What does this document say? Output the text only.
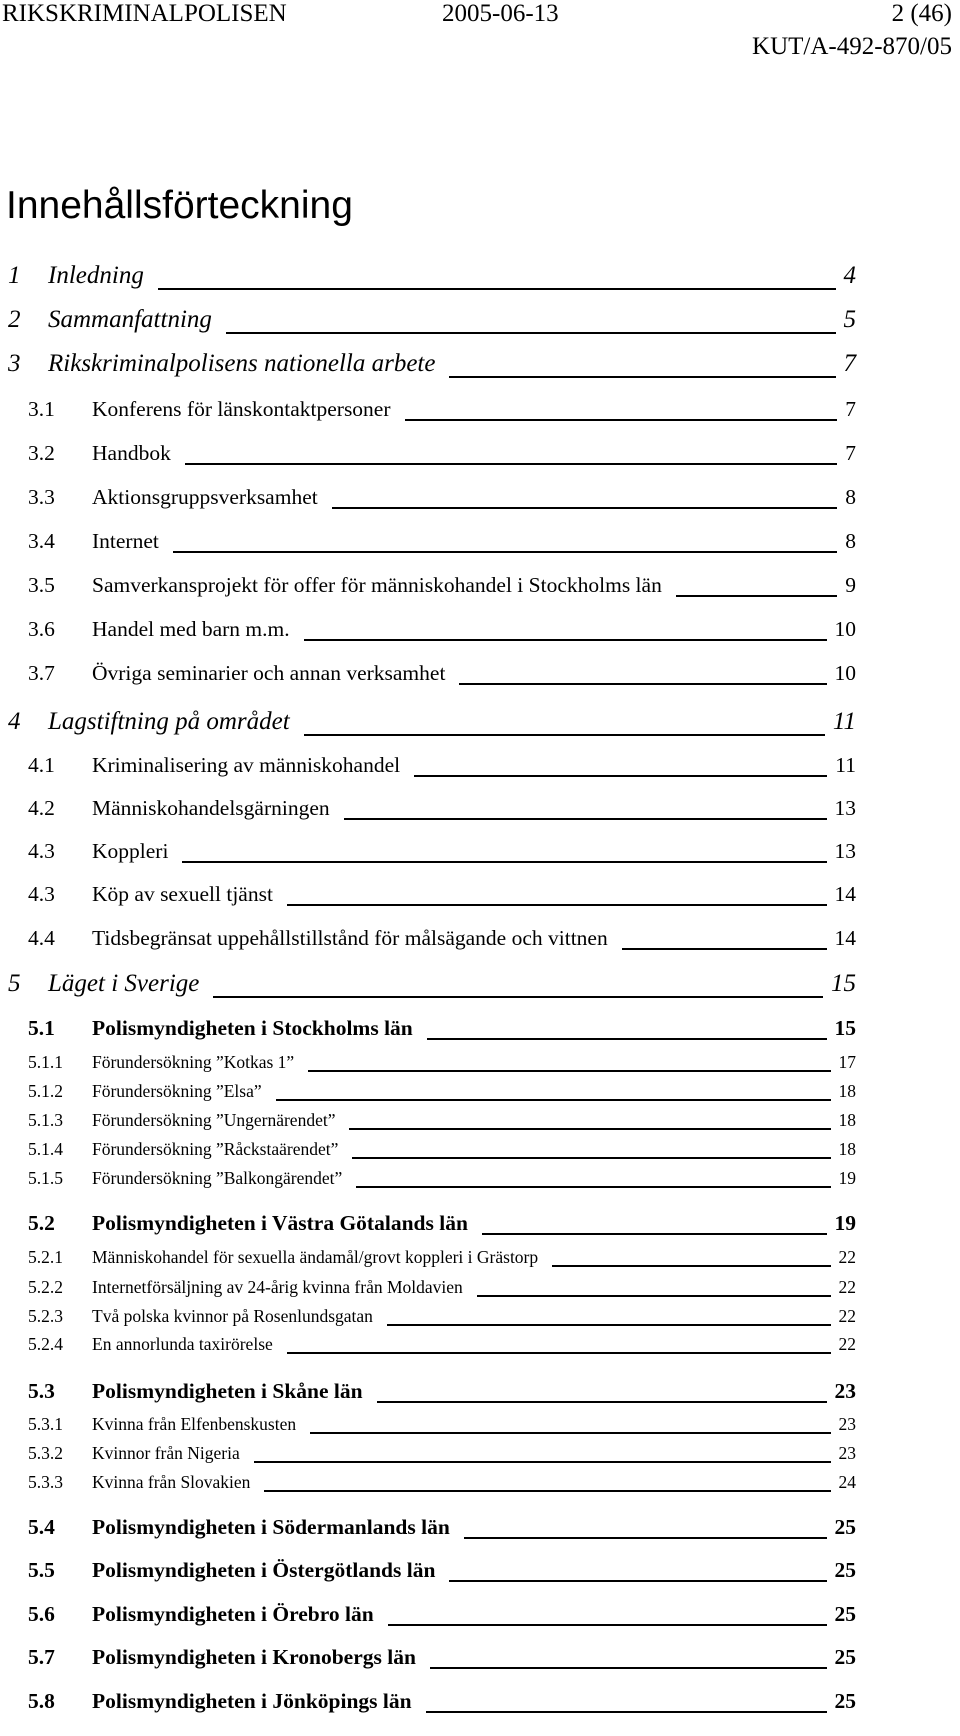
RIKSKRIMINALPOLISEN	2005-06-13	2 (46)
KUT/A-492-870/05
Innehållsförteckning
1 Inledning	4
2 Sammanfattning	5
3 Rikskriminalpolisens nationella arbete	7
3.1 Konferens för länskontaktpersoner	7
3.2 Handbok	7
3.3 Aktionsgruppsverksamhet	8
3.4 Internet	8
3.5 Samverkansprojekt för offer för människohandel i Stockholms län	9
3.6 Handel med barn m.m.	10
3.7 Övriga seminarier och annan verksamhet	10
4 Lagstiftning på området	11
4.1 Kriminalisering av människohandel	11
4.2 Människohandelsgärningen	13
4.3 Koppleri	13
4.3 Köp av sexuell tjänst	14
4.4 Tidsbegränsat uppehållstillstånd för målsägande och vittnen	14
5 Läget i Sverige	15
5.1 Polismyndigheten i Stockholms län	15
5.1.1 Förundersökning ”Kotkas 1”	17
5.1.2 Förundersökning ”Elsa”	18
5.1.3 Förundersökning ”Ungernärendet”	18
5.1.4 Förundersökning ”Råckstaärendet”	18
5.1.5 Förundersökning ”Balkongärendet”	19
5.2 Polismyndigheten i Västra Götalands län	19
5.2.1 Människohandel för sexuella ändamål/grovt koppleri i Grästorp	22
5.2.2 Internetförsäljning av 24-årig kvinna från Moldavien	22
5.2.3 Två polska kvinnor på Rosenlundsgatan	22
5.2.4 En annorlunda taxirörelse	22
5.3 Polismyndigheten i Skåne län	23
5.3.1 Kvinna från Elfenbenskusten	23
5.3.2 Kvinnor från Nigeria	23
5.3.3 Kvinna från Slovakien	24
5.4 Polismyndigheten i Södermanlands län	25
5.5 Polismyndigheten i Östergötlands län	25
5.6 Polismyndigheten i Örebro län	25
5.7 Polismyndigheten i Kronobergs län	25
5.8 Polismyndigheten i Jönköpings län	25
